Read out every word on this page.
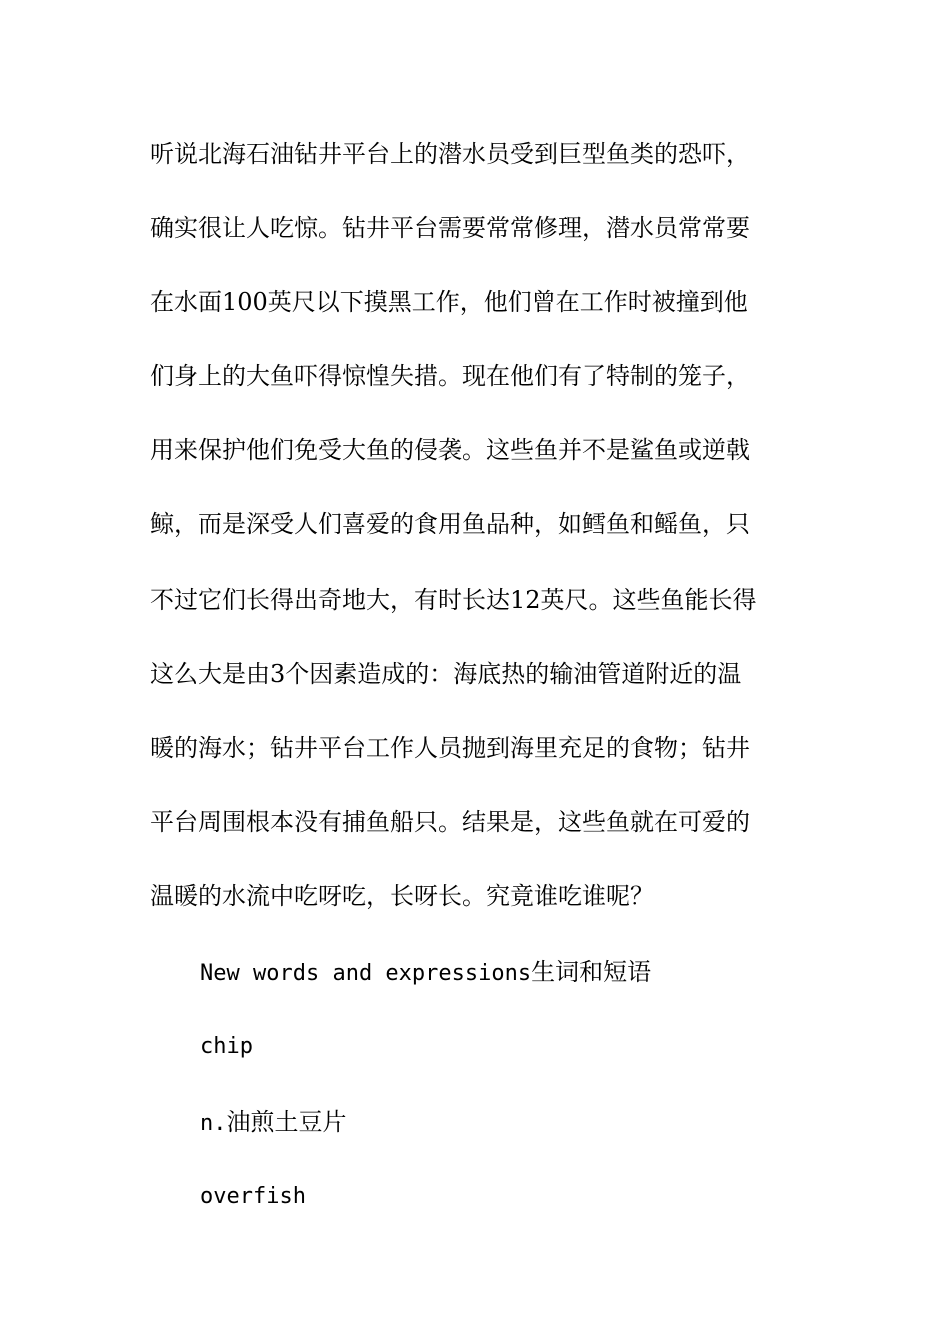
听说北海石油钻井平台上的潜水员受到巨型鱼类的恐吓，
确实很让人吃惊。钻井平台需要常常修理，潜水员常常要
在水面100英尺以下摸黑工作，他们曾在工作时被撞到他
们身上的大鱼吓得惊惶失措。现在他们有了特制的笼子，
用来保护他们免受大鱼的侵袭。这些鱼并不是鲨鱼或逆戟
鲸，而是深受人们喜爱的食用鱼品种，如鳕鱼和鳐鱼，只
不过它们长得出奇地大，有时长达12英尺。这些鱼能长得
这么大是由3个因素造成的：海底热的输油管道附近的温
暖的海水；钻井平台工作人员抛到海里充足的食物；钻井
平台周围根本没有捕鱼船只。结果是，这些鱼就在可爱的
温暖的水流中吃呀吃，长呀长。究竟谁吃谁呢？
New words and expressions生词和短语
chip
n.油煎土豆片
overfish
